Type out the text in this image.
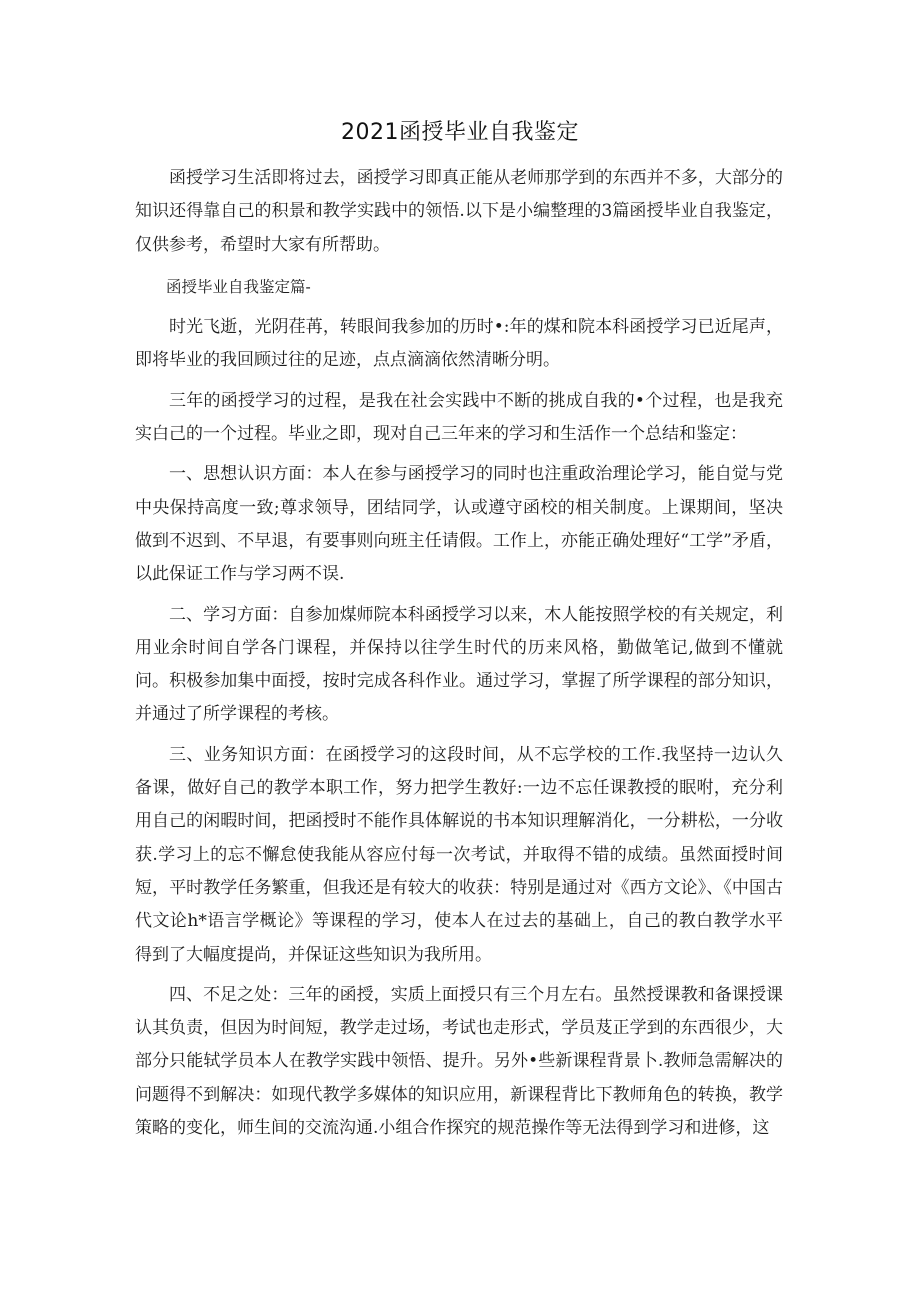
2021函授毕业自我鉴定

函授学习生活即将过去，函授学习即真正能从老师那学到的东西并不多，大部分的知识还得靠自己的积景和教学实践中的领悟.以下是小编整理的3篇函授毕业自我鉴定，仅供参考，希望时大家有所帮助。

函授毕业自我鉴定篇-

时光飞逝，光阴荏苒，转眼间我参加的历时•:年的煤和院本科函授学习已近尾声，即将毕业的我回顾过往的足迹，点点滴滴依然清晰分明。

三年的函授学习的过程，是我在社会实践中不断的挑成自我的•个过程，也是我充实白己的一个过程。毕业之即，现对自己三年来的学习和生活作一个总结和鉴定：

一、思想认识方面：本人在参与函授学习的同时也注重政治理论学习，能自觉与党中央保持高度一致;尊求领导，团结同学，认或遵守函校的相关制度。上课期间，坚决做到不迟到、不早退，有要事则向班主任请假。工作上，亦能正确处理好“工学”矛盾，以此保证工作与学习两不误.

二、学习方面：自参加煤师院本科函授学习以来，木人能按照学校的有关规定，利用业余时间自学各门课程，并保持以往学生时代的历来风格，勤做笔记,做到不懂就问。积极参加集中面授，按时完成各科作业。通过学习，掌握了所学课程的部分知识，并通过了所学课程的考核。

三、业务知识方面：在函授学习的这段时间，从不忘学校的工作.我坚持一边认久备课，做好自己的教学本职工作，努力把学生教好:一边不忘任课教授的眠咐，充分利用自己的闲暇时间，把函授时不能作具体解说的书本知识理解消化，一分耕松，一分收获.学习上的忘不懈怠使我能从容应付每一次考试，并取得不错的成绩。虽然面授时间短，平时教学任务繁重，但我还是有较大的收获：特别是通过对《西方文论》、《中国古代文论h*语言学概论》等课程的学习，使本人在过去的基础上，自己的教白教学水平得到了大幅度提尚，并保证这些知识为我所用。

四、不足之处：三年的函授，实质上面授只有三个月左右。虽然授课教和备课授课认其负责，但因为时间短，教学走过场，考试也走形式，学员芨正学到的东西很少，大部分只能轼学员本人在教学实践中领悟、提升。另外•些新课程背景卜.教师急需解决的问题得不到解决：如现代教学多媒体的知识应用，新课程背比下教师角色的转换，教学策略的变化，师生间的交流沟通.小组合作探究的规范操作等无法得到学习和进修，这
